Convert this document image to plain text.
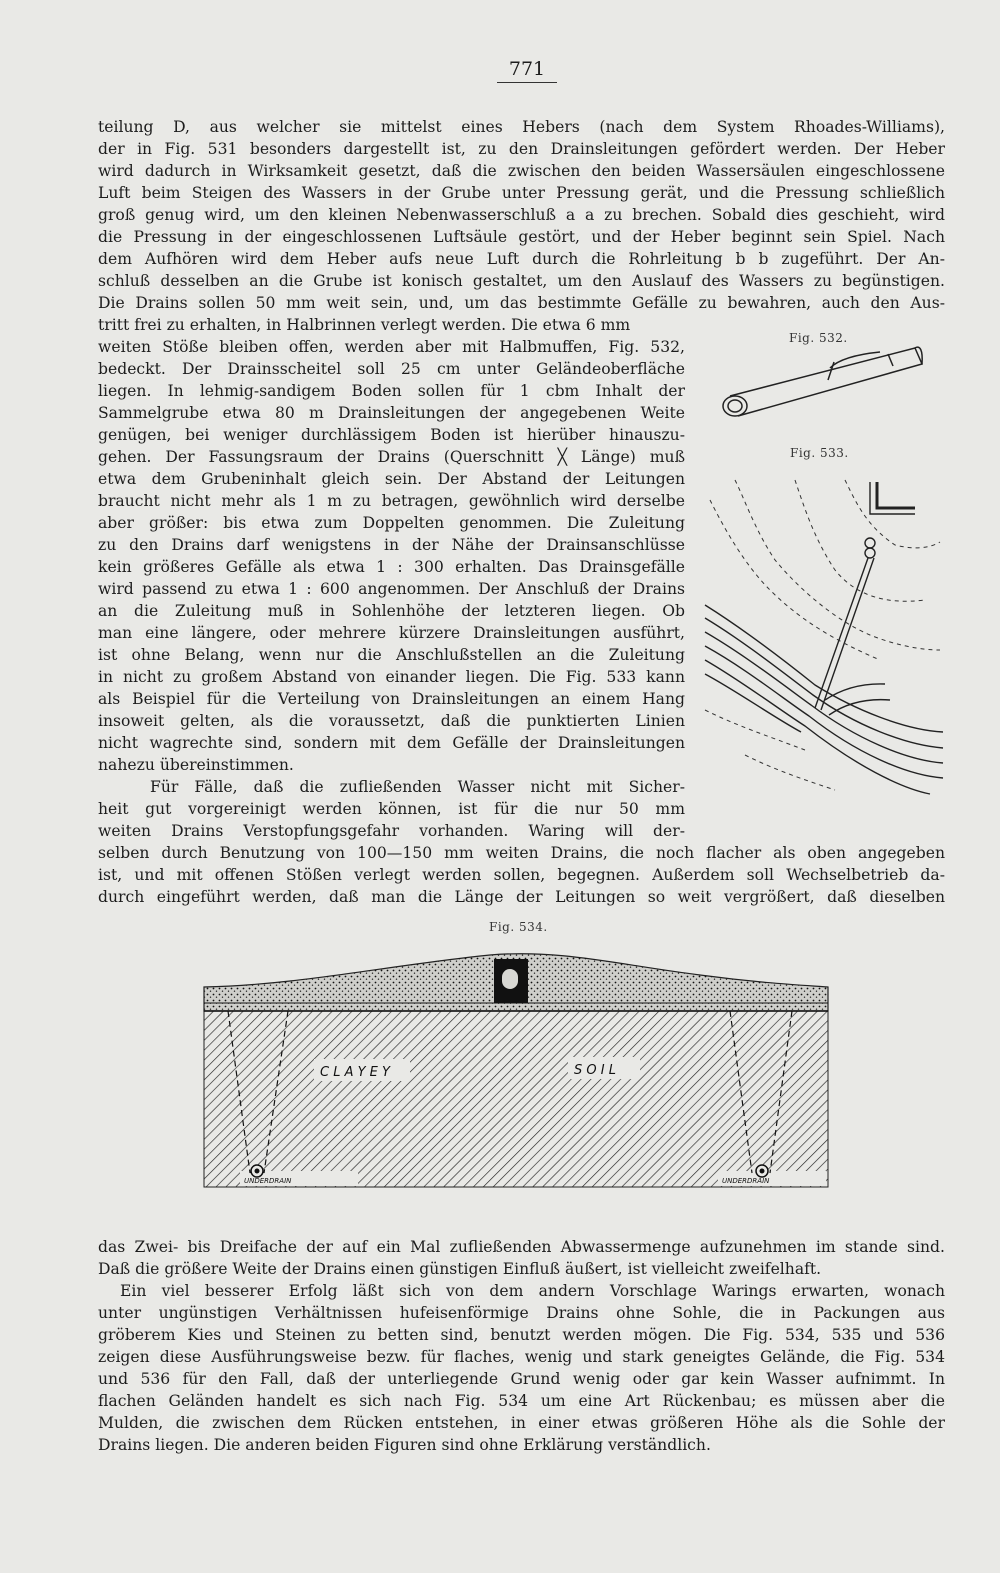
771
teilung D, aus welcher sie mittelst eines Hebers (nach dem System Rhoades-Williams),
der in Fig. 531 besonders dargestellt ist, zu den Drainsleitungen gefördert werden. Der Heber
wird dadurch in Wirksamkeit gesetzt, daß die zwischen den beiden Wassersäulen eingeschlossene
Luft beim Steigen des Wassers in der Grube unter Pressung gerät, und die Pressung schließlich
groß genug wird, um den kleinen Nebenwasserschluß a a zu brechen. Sobald dies geschieht, wird
die Pressung in der eingeschlossenen Luftsäule gestört, und der Heber beginnt sein Spiel. Nach
dem Aufhören wird dem Heber aufs neue Luft durch die Rohrleitung b b zugeführt. Der An-
schluß desselben an die Grube ist konisch gestaltet, um den Auslauf des Wassers zu begünstigen.
Die Drains sollen 50 mm weit sein, und, um das bestimmte Gefälle zu bewahren, auch den Aus-
tritt frei zu erhalten, in Halbrinnen verlegt werden. Die etwa 6 mm
weiten Stöße bleiben offen, werden aber mit Halbmuffen, Fig. 532,
bedeckt. Der Drainsscheitel soll 25 cm unter Geländeoberfläche
liegen. In lehmig-sandigem Boden sollen für 1 cbm Inhalt der
Sammelgrube etwa 80 m Drainsleitungen der angegebenen Weite
genügen, bei weniger durchlässigem Boden ist hierüber hinauszu-
gehen. Der Fassungsraum der Drains (Querschnitt ╳ Länge) muß
etwa dem Grubeninhalt gleich sein. Der Abstand der Leitungen
braucht nicht mehr als 1 m zu betragen, gewöhnlich wird derselbe
aber größer: bis etwa zum Doppelten genommen. Die Zuleitung
zu den Drains darf wenigstens in der Nähe der Drainsanschlüsse
kein größeres Gefälle als etwa 1 : 300 erhalten. Das Drainsgefälle
wird passend zu etwa 1 : 600 angenommen. Der Anschluß der Drains
an die Zuleitung muß in Sohlenhöhe der letzteren liegen. Ob
man eine längere, oder mehrere kürzere Drainsleitungen ausführt,
ist ohne Belang, wenn nur die Anschlußstellen an die Zuleitung
in nicht zu großem Abstand von einander liegen. Die Fig. 533 kann
als Beispiel für die Verteilung von Drainsleitungen an einem Hang
insoweit gelten, als die voraussetzt, daß die punktierten Linien
nicht wagrechte sind, sondern mit dem Gefälle der Drainsleitungen
nahezu übereinstimmen.
Für Fälle, daß die zufließenden Wasser nicht mit Sicher-
heit gut vorgereinigt werden können, ist für die nur 50 mm
weiten Drains Verstopfungsgefahr vorhanden. Waring will der-
selben durch Benutzung von 100—150 mm weiten Drains, die noch flacher als oben angegeben
ist, und mit offenen Stößen verlegt werden sollen, begegnen. Außerdem soll Wechselbetrieb da-
durch eingeführt werden, daß man die Länge der Leitungen so weit vergrößert, daß dieselben
Fig. 532.
Fig. 533.
Fig. 534.
C L A Y E Y	S O I L
UNDERDRAIN	UNDERDRAIN
das Zwei- bis Dreifache der auf ein Mal zufließenden Abwassermenge aufzunehmen im stande sind.
Daß die größere Weite der Drains einen günstigen Einfluß äußert, ist vielleicht zweifelhaft.
Ein viel besserer Erfolg läßt sich von dem andern Vorschlage Warings erwarten, wonach
unter ungünstigen Verhältnissen hufeisenförmige Drains ohne Sohle, die in Packungen aus
gröberem Kies und Steinen zu betten sind, benutzt werden mögen. Die Fig. 534, 535 und 536
zeigen diese Ausführungsweise bezw. für flaches, wenig und stark geneigtes Gelände, die Fig. 534
und 536 für den Fall, daß der unterliegende Grund wenig oder gar kein Wasser aufnimmt. In
flachen Geländen handelt es sich nach Fig. 534 um eine Art Rückenbau; es müssen aber die
Mulden, die zwischen dem Rücken entstehen, in einer etwas größeren Höhe als die Sohle der
Drains liegen. Die anderen beiden Figuren sind ohne Erklärung verständlich.
